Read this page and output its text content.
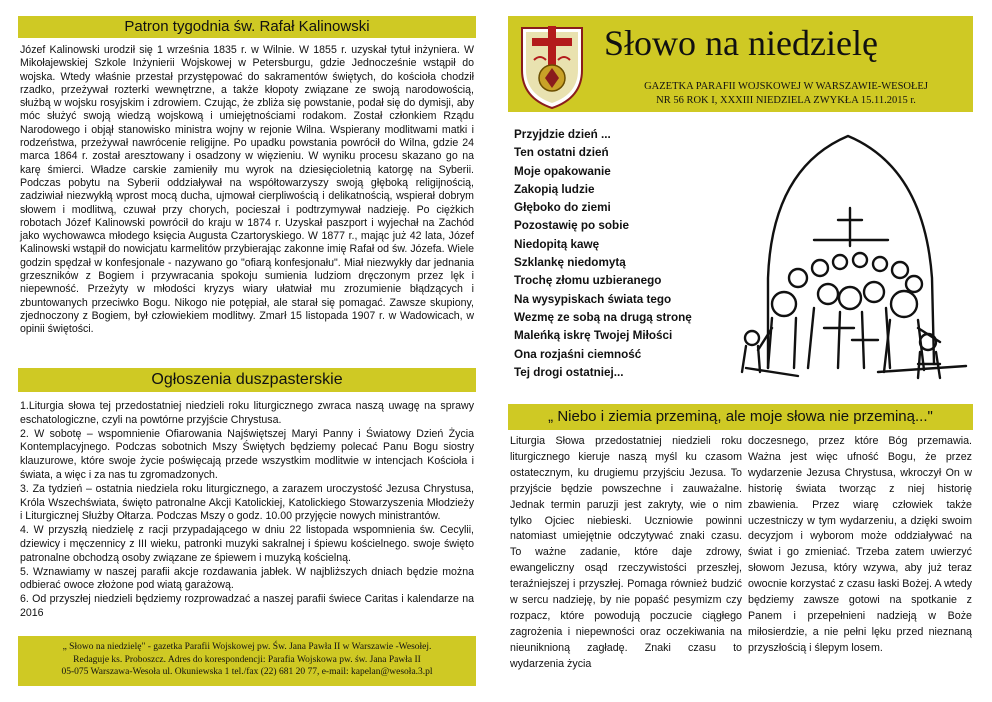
Patron tygodnia św. Rafał Kalinowski
Józef Kalinowski urodził się 1 września 1835 r. w Wilnie. W 1855 r. uzyskał tytuł inżyniera. W Mikołajewskiej Szkole Inżynierii Wojskowej w Petersburgu, gdzie Jednocześnie wstąpił do wojska. Wtedy właśnie przestał przystępować do sakramentów świętych, do kościoła chodził rzadko, przeżywał rozterki wewnętrzne, a także kłopoty związane ze swoją narodowością, służbą w wojsku rosyjskim i zdrowiem. Czując, że zbliża się powstanie, podał się do dymisji, aby móc służyć swoją wiedzą wojskową i umiejętnościami rodakom. Został członkiem Rządu Narodowego i objął stanowisko ministra wojny w rejonie Wilna. Wspierany modlitwami matki i rodzeństwa, przeżywał nawrócenie religijne. Po upadku powstania powrócił do Wilna, gdzie 24 marca 1864 r. został aresztowany i osadzony w więzieniu. W wyniku procesu skazano go na karę śmierci. Władze carskie zamieniły mu wyrok na dziesięcioletnią katorgę na Syberii. Podczas pobytu na Syberii oddziaływał na współtowarzyszy swoją głęboką religijnością, zadziwiał niezwykłą wprost mocą ducha, ujmował cierpliwością i delikatnością, wspierał dobrym słowem i modlitwą, czuwał przy chorych, pocieszał i podtrzymywał nadzieję. Po ciężkich robotach Józef Kalinowski powrócił do kraju w 1874 r. Uzyskał paszport i wyjechał na Zachód jako wychowawca młodego księcia Augusta Czartoryskiego. W 1877 r., mając już 42 lata, Józef Kalinowski wstąpił do nowicjatu karmelitów przybierając zakonne imię Rafał od św. Józefa. Wiele godzin spędzał w konfesjonale - nazywano go "ofiarą konfesjonału". Miał niezwykły dar jednania grzeszników z Bogiem i przywracania spokoju sumienia ludziom dręczonym przez lęk i niepewność. Przeżyty w młodości kryzys wiary ułatwiał mu zrozumienie błądzących i zbuntowanych przeciwko Bogu. Nikogo nie potępiał, ale starał się pomagać. Zawsze skupiony, zjednoczony z Bogiem, był człowiekiem modlitwy. Zmarł 15 listopada 1907 r. w Wadowicach, w opinii świętości.
Ogłoszenia duszpasterskie
1.Liturgia słowa tej przedostatniej niedzieli roku liturgicznego zwraca naszą uwagę na sprawy eschatologiczne, czyli na powtórne przyjście Chrystusa.
2. W sobotę – wspomnienie Ofiarowania Najświętszej Maryi Panny i Światowy Dzień Życia Kontemplacyjnego. Podczas sobotnich Mszy Świętych będziemy polecać Panu Bogu siostry klauzurowe, które swoje życie poświęcają przede wszystkim modlitwie w intencjach Kościoła i świata, a więc i za nas tu zgromadzonych.
3. Za tydzień – ostatnia niedziela roku liturgicznego, a zarazem uroczystość Jezusa Chrystusa, Króla Wszechświata, święto patronalne Akcji Katolickiej, Katolickiego Stowarzyszenia Młodzieży i Liturgicznej Służby Ołtarza. Podczas Mszy o godz. 10.00 przyjęcie nowych ministrantów.
4. W przyszłą niedzielę z racji przypadającego w dniu 22 listopada wspomnienia św. Cecylii, dziewicy i męczennicy z III wieku, patronki muzyki sakralnej i śpiewu kościelnego. swoje święto patronalne obchodzą osoby związane ze śpiewem i muzyką kościelną.
5. Wznawiamy w naszej parafii akcje rozdawania jabłek. W najbliższych dniach będzie można odbierać owoce złożone pod wiatą garażową.
6. Od przyszłej niedzieli będziemy rozprowadzać a naszej parafii świece Caritas i kalendarze na 2016
„ Słowo na niedzielę" - gazetka Parafii Wojskowej pw. Św. Jana Pawła II w Warszawie -Wesołej.
Redaguje ks. Proboszcz. Adres do korespondencji: Parafia Wojskowa pw. św. Jana Pawła II
05-075 Warszawa-Wesoła ul. Okuniewska 1 tel./fax (22) 681 20 77, e-mail: kapelan@wesoła.3.pl
Słowo na niedzielę
GAZETKA PARAFII WOJSKOWEJ W WARSZAWIE-WESOŁEJ
NR 56 ROK I, XXXIII NIEDZIELA ZWYKŁA 15.11.2015 r.
Przyjdzie dzień ...
Ten ostatni dzień
Moje opakowanie
Zakopią ludzie
Głęboko do ziemi
Pozostawię po sobie
Niedopitą kawę
Szklankę niedomytą
Trochę złomu uzbieranego
Na wysypiskach świata tego
Wezmę ze sobą na drugą stronę
Maleńką iskrę Twojej Miłości
Ona rozjaśni ciemność
Tej drogi ostatniej...
„ Niebo i ziemia przeminą, ale moje słowa nie przeminą..."
Liturgia Słowa przedostatniej niedzieli roku liturgicznego kieruje naszą myśl ku czasom ostatecznym, ku drugiemu przyjściu Jezusa. To przyjście będzie powszechne i zauważalne. Jednak termin paruzji jest zakryty, wie o nim tylko Ojciec niebieski. Uczniowie powinni natomiast umiejętnie odczytywać znaki czasu. To ważne zadanie, które daje zdrowy, ewangeliczny osąd rzeczywistości przeszłej, teraźniejszej i przyszłej. Pomaga również budzić w sercu nadzieję, by nie popaść pesymizm czy rozpacz, które powodują poczucie ciągłego zagrożenia i niepewności oraz oczekiwania na nieuniknioną zagładę. Znaki czasu to wydarzenia życia
doczesnego, przez które Bóg przemawia. Ważna jest więc ufność Bogu, że przez wydarzenie Jezusa Chrystusa, wkroczył On w historię świata tworząc z niej historię zbawienia. Przez wiarę człowiek także uczestniczy w tym wydarzeniu, a dzięki swoim decyzjom i wyborom może oddziaływać na świat i go zmieniać. Trzeba zatem uwierzyć słowom Jezusa, który wzywa, aby już teraz owocnie korzystać z czasu łaski Bożej. A wtedy będziemy zawsze gotowi na spotkanie z Panem i przepełnieni nadzieją w Boże miłosierdzie, a nie pełni lęku przed nieznaną przyszłością i ślepym losem.
